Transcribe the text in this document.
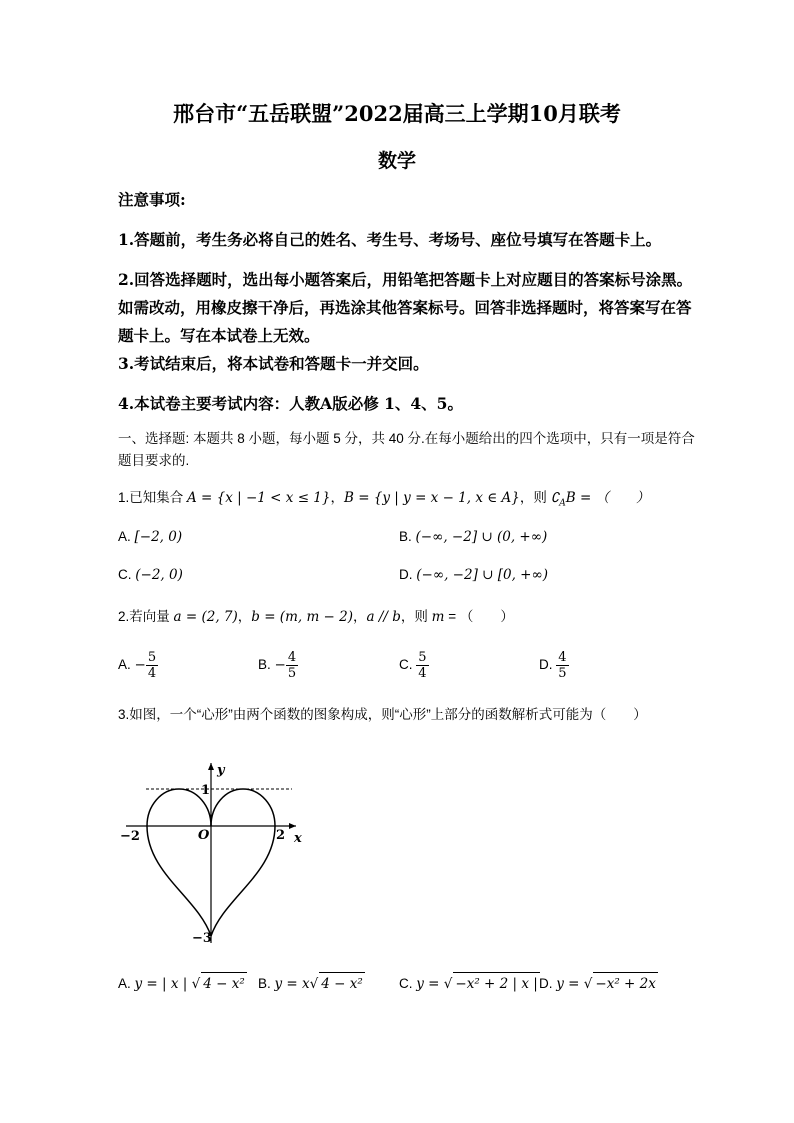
邢台市“五岳联盟”2022届高三上学期10月联考
数学
注意事项:
1.答题前，考生务必将自己的姓名、考生号、考场号、座位号填写在答题卡上。
2.回答选择题时，选出每小题答案后，用铅笔把答题卡上对应题目的答案标号涂黑。如需改动，用橡皮擦干净后，再选涂其他答案标号。回答非选择题时，将答案写在答题卡上。写在本试卷上无效。
3.考试结束后，将本试卷和答题卡一并交回。
4.本试卷主要考试内容：人教A版必修 1、4、5。
一、选择题: 本题共 8 小题，每小题 5 分，共 40 分.在每小题给出的四个选项中，只有一项是符合题目要求的.
1.已知集合 A = {x | −1 < x ≤ 1}，B = {y | y = x − 1, x ∈ A}，则 $∁_AB$ = （　　）
A. [−2, 0)	B. (−∞, −2] ∪ (0, +∞)
C. (−2, 0)	D. (−∞, −2] ∪ [0, +∞)
2.若向量 a = (2, 7)，b = (m, m − 2)，a // b，则 m = （　　）
A. − $\frac{5}{4}$	B. − $\frac{4}{5}$	C. $\frac{5}{4}$	D. $\frac{4}{5}$
3.如图，一个“心形”由两个函数的图象构成，则“心形”上部分的函数解析式可能为（　　）
y
x
O
1
−2	2
−3
A. y = | x | √ 4 − x² B. y = x√ 4 − x²	C. y = √ −x² + 2 | x | D. y = √ −x² + 2x
